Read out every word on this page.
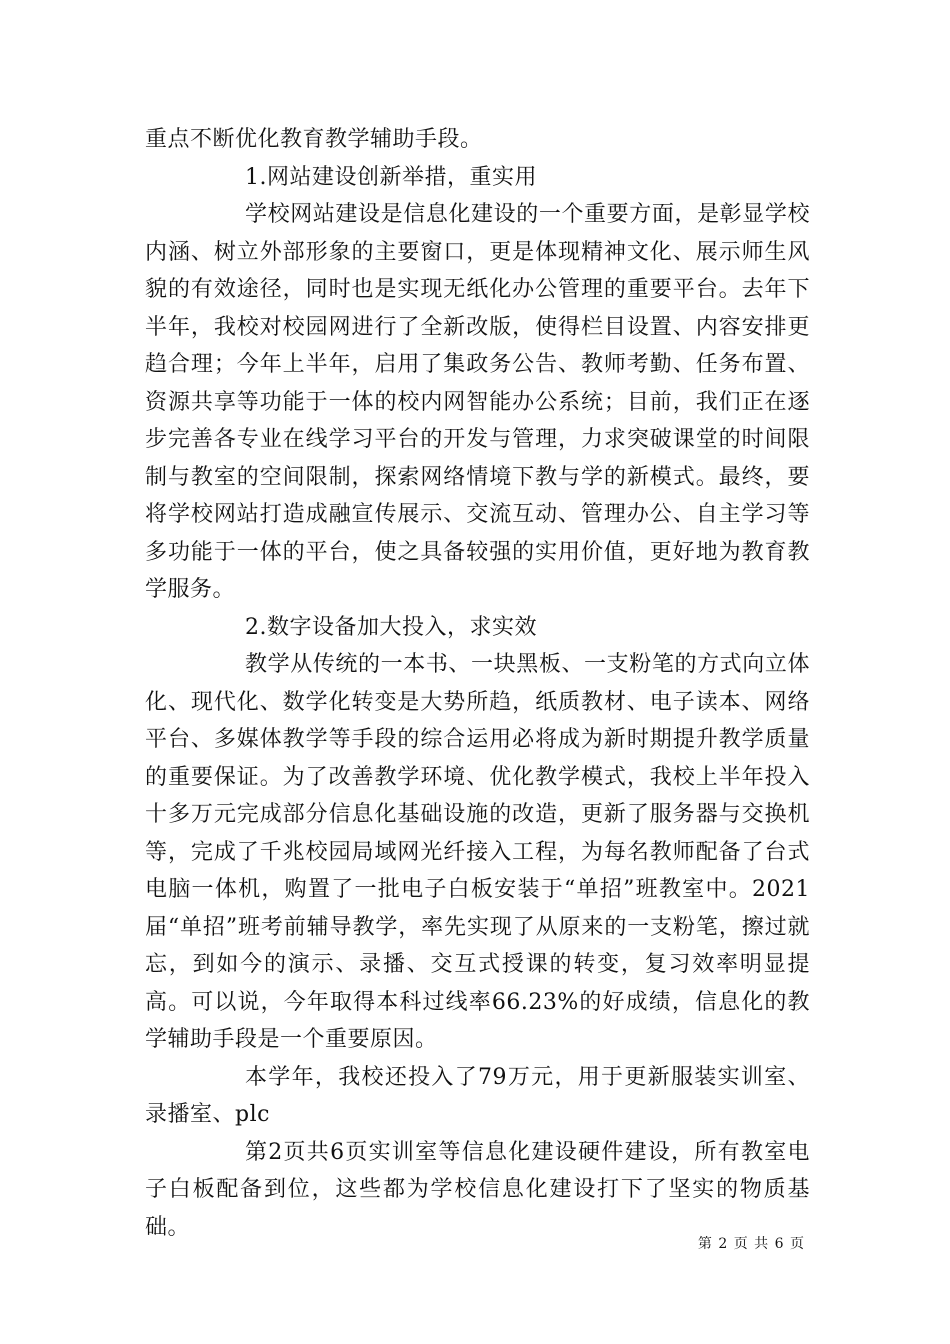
重点不断优化教育教学辅助手段。

1.网站建设创新举措，重实用

学校网站建设是信息化建设的一个重要方面，是彰显学校内涵、树立外部形象的主要窗口，更是体现精神文化、展示师生风貌的有效途径，同时也是实现无纸化办公管理的重要平台。去年下半年，我校对校园网进行了全新改版，使得栏目设置、内容安排更趋合理；今年上半年，启用了集政务公告、教师考勤、任务布置、资源共享等功能于一体的校内网智能办公系统；目前，我们正在逐步完善各专业在线学习平台的开发与管理，力求突破课堂的时间限制与教室的空间限制，探索网络情境下教与学的新模式。最终，要将学校网站打造成融宣传展示、交流互动、管理办公、自主学习等多功能于一体的平台，使之具备较强的实用价值，更好地为教育教学服务。

2.数字设备加大投入，求实效

教学从传统的一本书、一块黑板、一支粉笔的方式向立体化、现代化、数学化转变是大势所趋，纸质教材、电子读本、网络平台、多媒体教学等手段的综合运用必将成为新时期提升教学质量的重要保证。为了改善教学环境、优化教学模式，我校上半年投入十多万元完成部分信息化基础设施的改造，更新了服务器与交换机等，完成了千兆校园局域网光纤接入工程，为每名教师配备了台式电脑一体机，购置了一批电子白板安装于“单招”班教室中。2021届“单招”班考前辅导教学，率先实现了从原来的一支粉笔，擦过就忘，到如今的演示、录播、交互式授课的转变，复习效率明显提高。可以说，今年取得本科过线率66.23%的好成绩，信息化的教学辅助手段是一个重要原因。

本学年，我校还投入了79万元，用于更新服装实训室、录播室、plc

第2页共6页实训室等信息化建设硬件建设，所有教室电子白板配备到位，这些都为学校信息化建设打下了坚实的物质基础。

第 2 页 共 6 页
